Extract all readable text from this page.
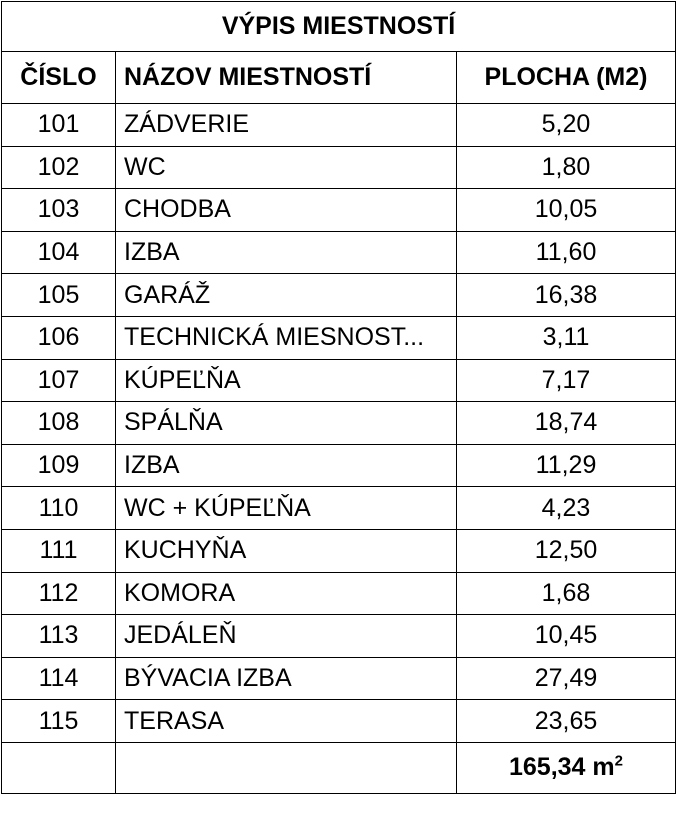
VÝPIS MIESTNOSTÍ		
ČÍSLO	NÁZOV MIESTNOSTÍ	PLOCHA (M2)
101	ZÁDVERIE	5,20
102	WC	1,80
103	CHODBA	10,05
104	IZBA	11,60
105	GARÁŽ	16,38
106	TECHNICKÁ MIESNOST...	3,11
107	KÚPEĽŇA	7,17
108	SPÁLŇA	18,74
109	IZBA	11,29
110	WC + KÚPEĽŇA	4,23
111	KUCHYŇA	12,50
112	KOMORA	1,68
113	JEDÁLEŇ	10,45
114	BÝVACIA IZBA	27,49
115	TERASA	23,65
		165,34 $m^2$
